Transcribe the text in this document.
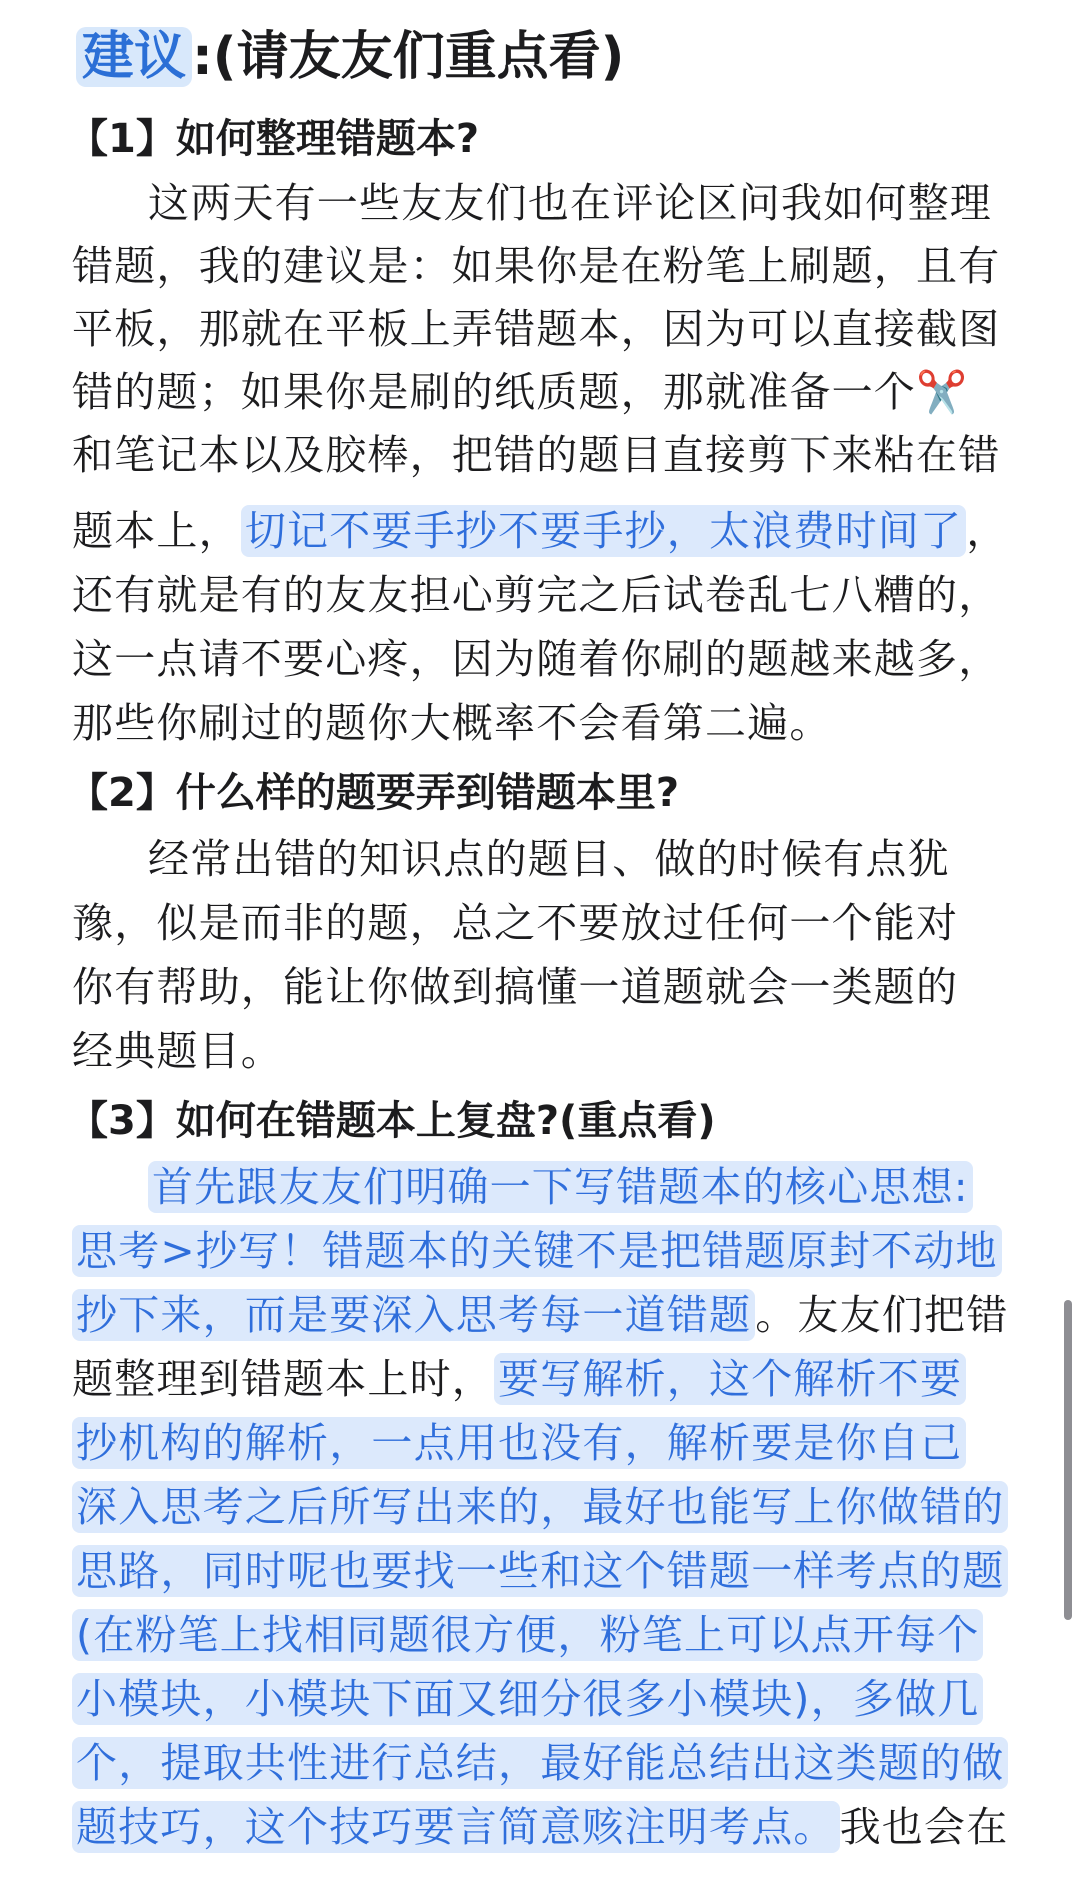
建议 :(请友友们重点看)
【1】如何整理错题本?
这两天有一些友友们也在评论区问我如何整理
错题，我的建议是：如果你是在粉笔上刷题，且有
平板，那就在平板上弄错题本，因为可以直接截图
错的题；如果你是刷的纸质题，那就准备一个✂️
和笔记本以及胶棒，把错的题目直接剪下来粘在错
题本上，切记不要手抄不要手抄，太浪费时间了，
还有就是有的友友担心剪完之后试卷乱七八糟的，
这一点请不要心疼，因为随着你刷的题越来越多，
那些你刷过的题你大概率不会看第二遍。
【2】什么样的题要弄到错题本里?
经常出错的知识点的题目、做的时候有点犹
豫，似是而非的题，总之不要放过任何一个能对
你有帮助，能让你做到搞懂一道题就会一类题的
经典题目。
【3】如何在错题本上复盘?(重点看)
首先跟友友们明确一下写错题本的核心思想:
思考>抄写！错题本的关键不是把错题原封不动地
抄下来，而是要深入思考每一道错题。友友们把错
题整理到错题本上时，要写解析，这个解析不要
抄机构的解析，一点用也没有，解析要是你自己
深入思考之后所写出来的，最好也能写上你做错的
思路，同时呢也要找一些和这个错题一样考点的题
(在粉笔上找相同题很方便，粉笔上可以点开每个
小模块，小模块下面又细分很多小模块)，多做几
个，提取共性进行总结，最好能总结出这类题的做
题技巧，这个技巧要言简意赅注明考点。我也会在
